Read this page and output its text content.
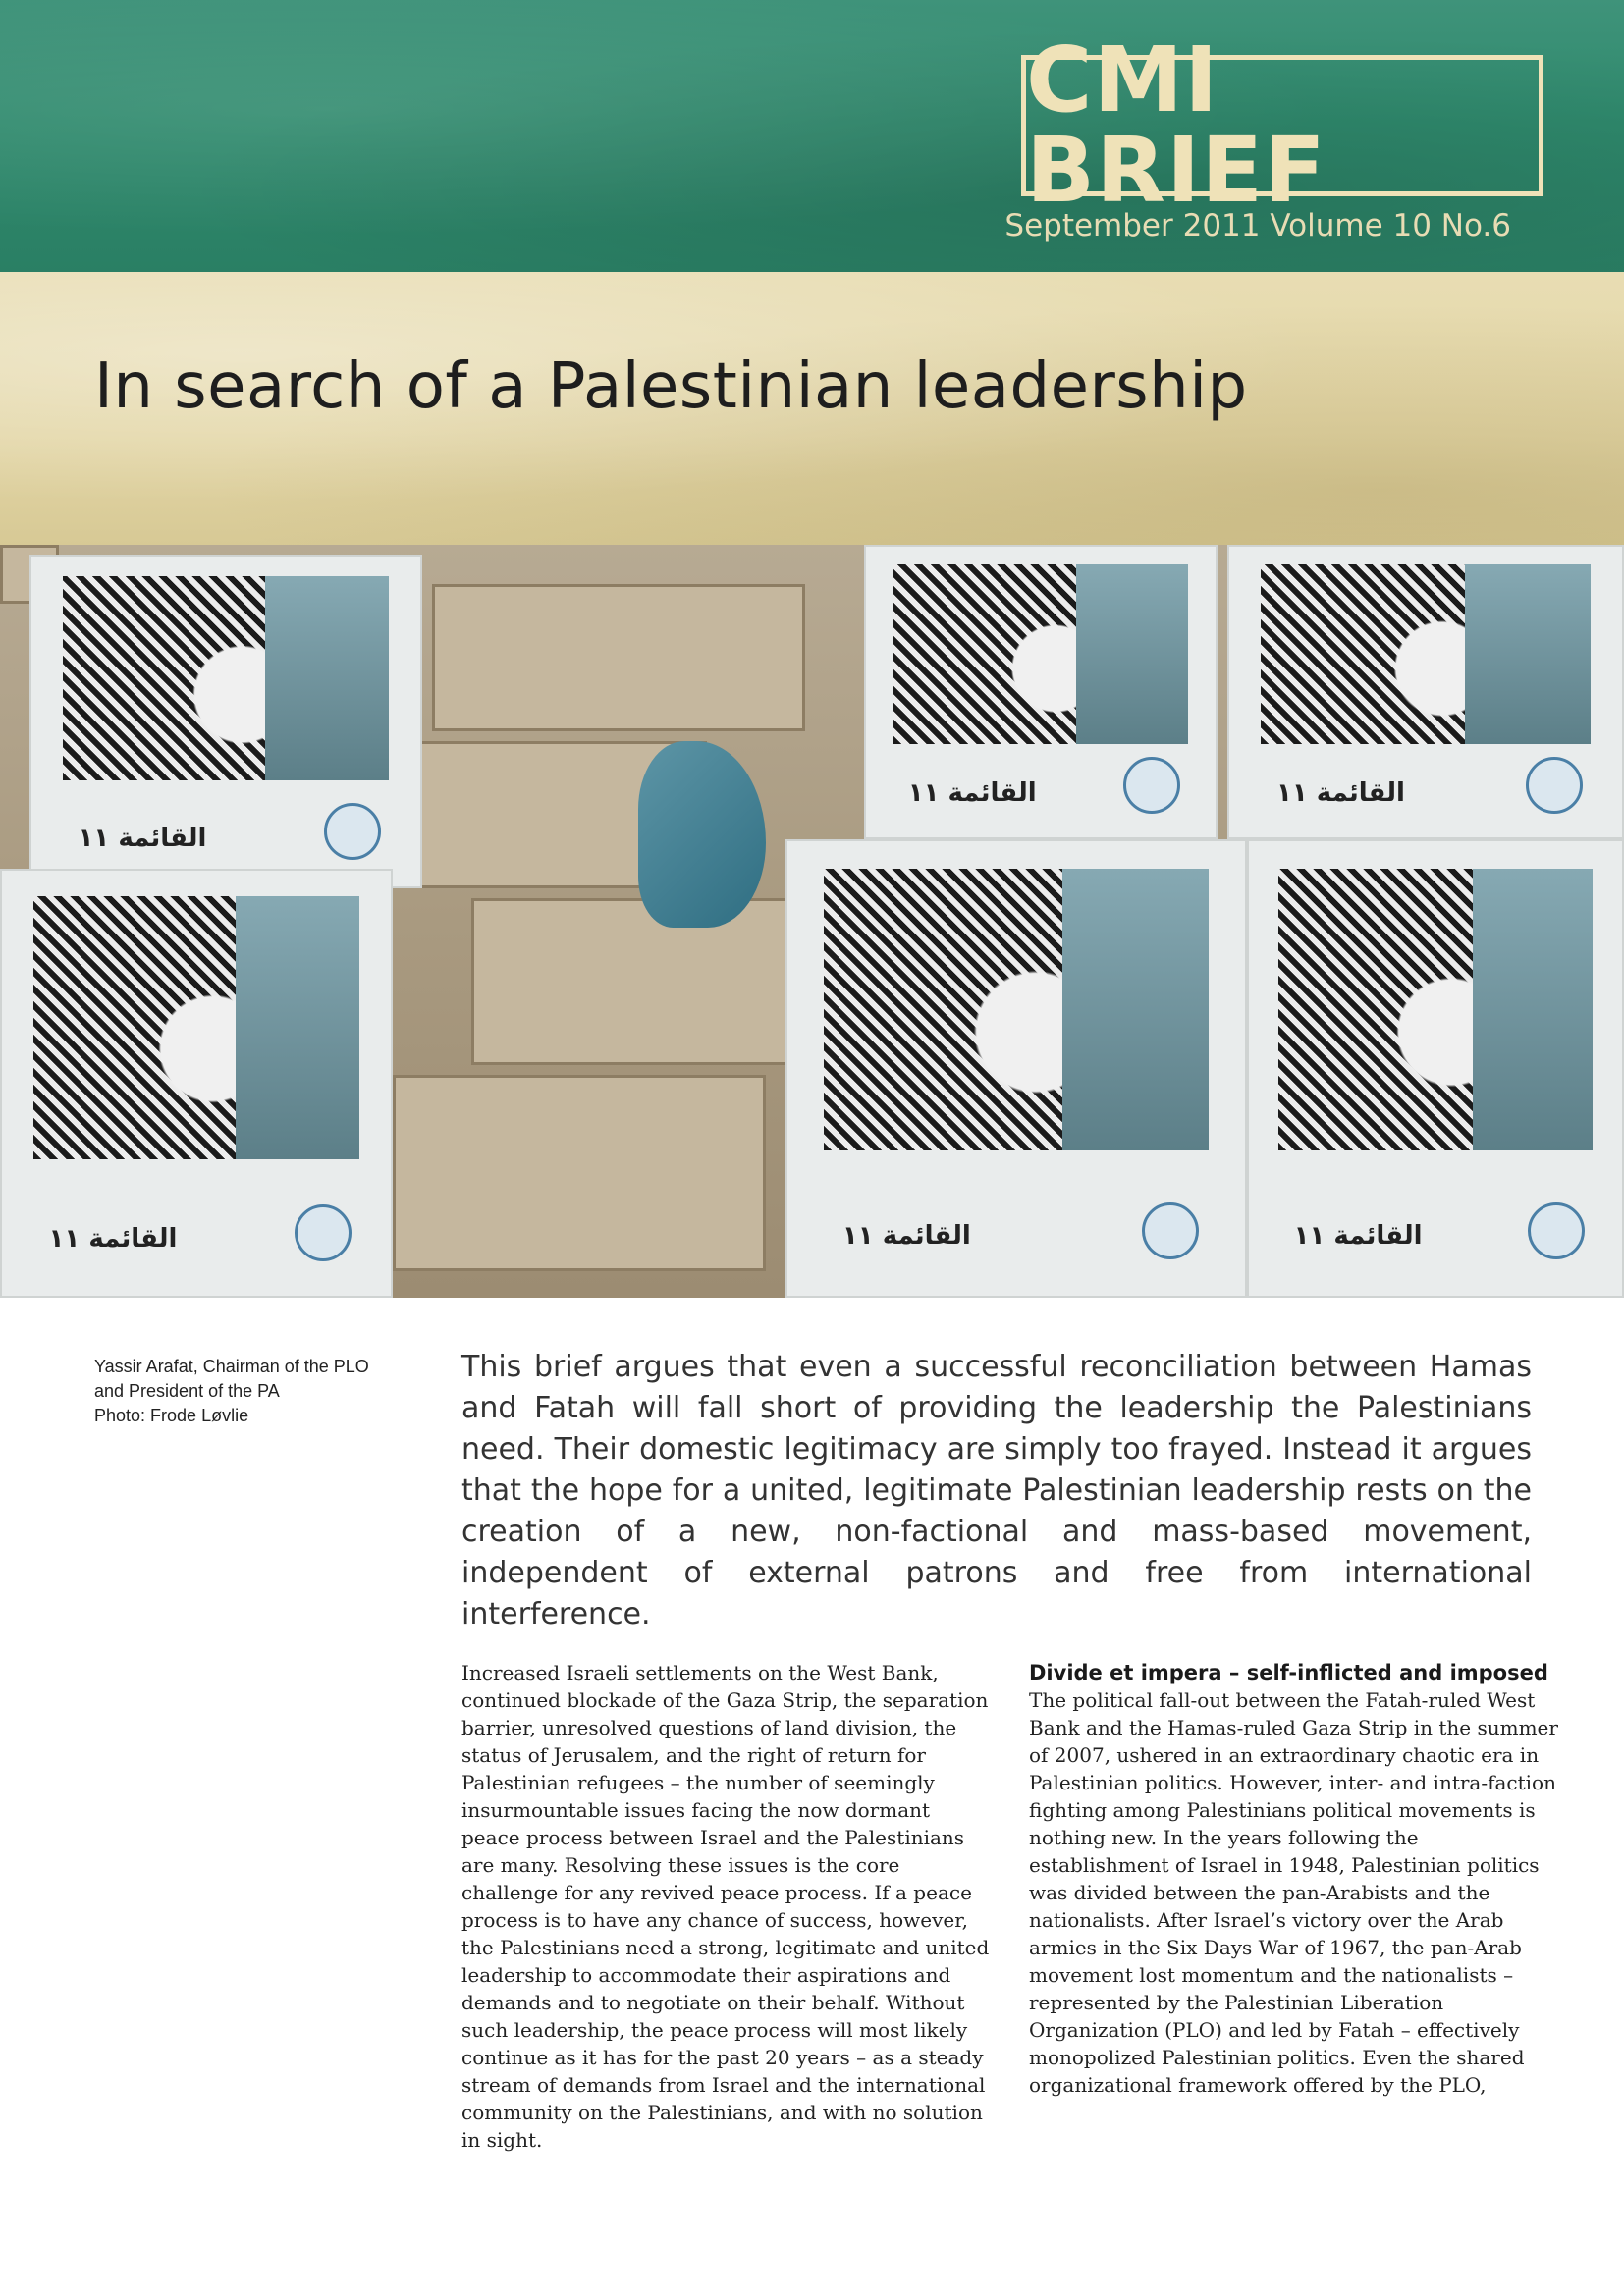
CMI BRIEF
September 2011 Volume 10 No.6
In search of a Palestinian leadership
القائمة ١١
القائمة ١١
القائمة ١١	القائمة ١١
القائمة ١١	القائمة ١١
Yassir Arafat, Chairman of the PLO
and President of the PA
Photo: Frode Løvlie
This brief argues that even a successful reconciliation between Hamas and Fatah will fall short of providing the leadership the Palestinians need. Their domestic legitimacy are simply too frayed. Instead it argues that the hope for a united, legitimate Palestinian leadership rests on the creation of a new, non-factional and mass-based movement, independent of external patrons and free from international interference.

Increased Israeli settlements on the West Bank, continued blockade of the Gaza Strip, the separation barrier, unresolved questions of land division, the status of Jerusalem, and the right of return for Palestinian refugees – the number of seemingly insurmountable issues facing the now dormant peace process between Israel and the Palestinians are many. Resolving these issues is the core challenge for any revived peace process. If a peace process is to have any chance of success, however, the Palestinians need a strong, legitimate and united leadership to accommodate their aspirations and demands and to negotiate on their behalf. Without such leadership, the peace process will most likely continue as it has for the past 20 years – as a steady stream of demands from Israel and the international community on the Palestinians, and with no solution in sight.

Divide et impera – self-inflicted and imposed

The political fall-out between the Fatah-ruled West Bank and the Hamas-ruled Gaza Strip in the summer of 2007, ushered in an extraordinary chaotic era in Palestinian politics. However, inter- and intra-faction fighting among Palestinians political movements is nothing new. In the years following the establishment of Israel in 1948, Palestinian politics was divided between the pan-Arabists and the nationalists. After Israel’s victory over the Arab armies in the Six Days War of 1967, the pan-Arab movement lost momentum and the nationalists – represented by the Palestinian Liberation Organization (PLO) and led by Fatah – effectively monopolized Palestinian politics. Even the shared organizational framework offered by the PLO,
